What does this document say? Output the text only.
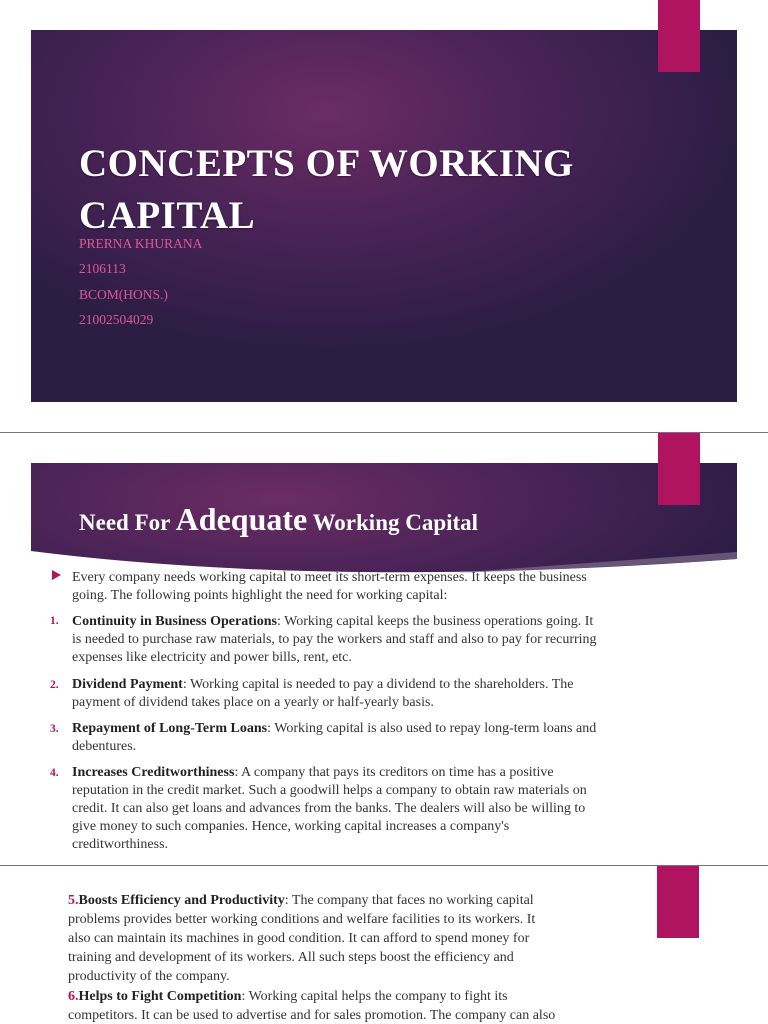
CONCEPTS OF WORKING CAPITAL

PRERNA KHURANA

2106113

BCOM(HONS.)

21002504029

Need For Adequate Working Capital

Every company needs working capital to meet its short-term expenses. It keeps the business

going. The following points highlight the need for working capital:

1. Continuity in Business Operations: Working capital keeps the business operations going. It

is needed to purchase raw materials, to pay the workers and staff and also to pay for recurring

expenses like electricity and power bills, rent, etc.

2. Dividend Payment: Working capital is needed to pay a dividend to the shareholders. The

payment of dividend takes place on a yearly or half-yearly basis.

3. Repayment of Long-Term Loans: Working capital is also used to repay long-term loans and

debentures.

4. Increases Creditworthiness: A company that pays its creditors on time has a positive

reputation in the credit market. Such a goodwill helps a company to obtain raw materials on

credit. It can also get loans and advances from the banks. The dealers will also be willing to

give money to such companies. Hence, working capital increases a company's

creditworthiness.

5.Boosts Efficiency and Productivity: The company that faces no working capital

problems provides better working conditions and welfare facilities to its workers. It

also can maintain its machines in good condition. It can afford to spend money for

training and development of its workers. All such steps boost the efficiency and

productivity of the company.

6.Helps to Fight Competition: Working capital helps the company to fight its

competitors. It can be used to advertise and for sales promotion. The company can also
